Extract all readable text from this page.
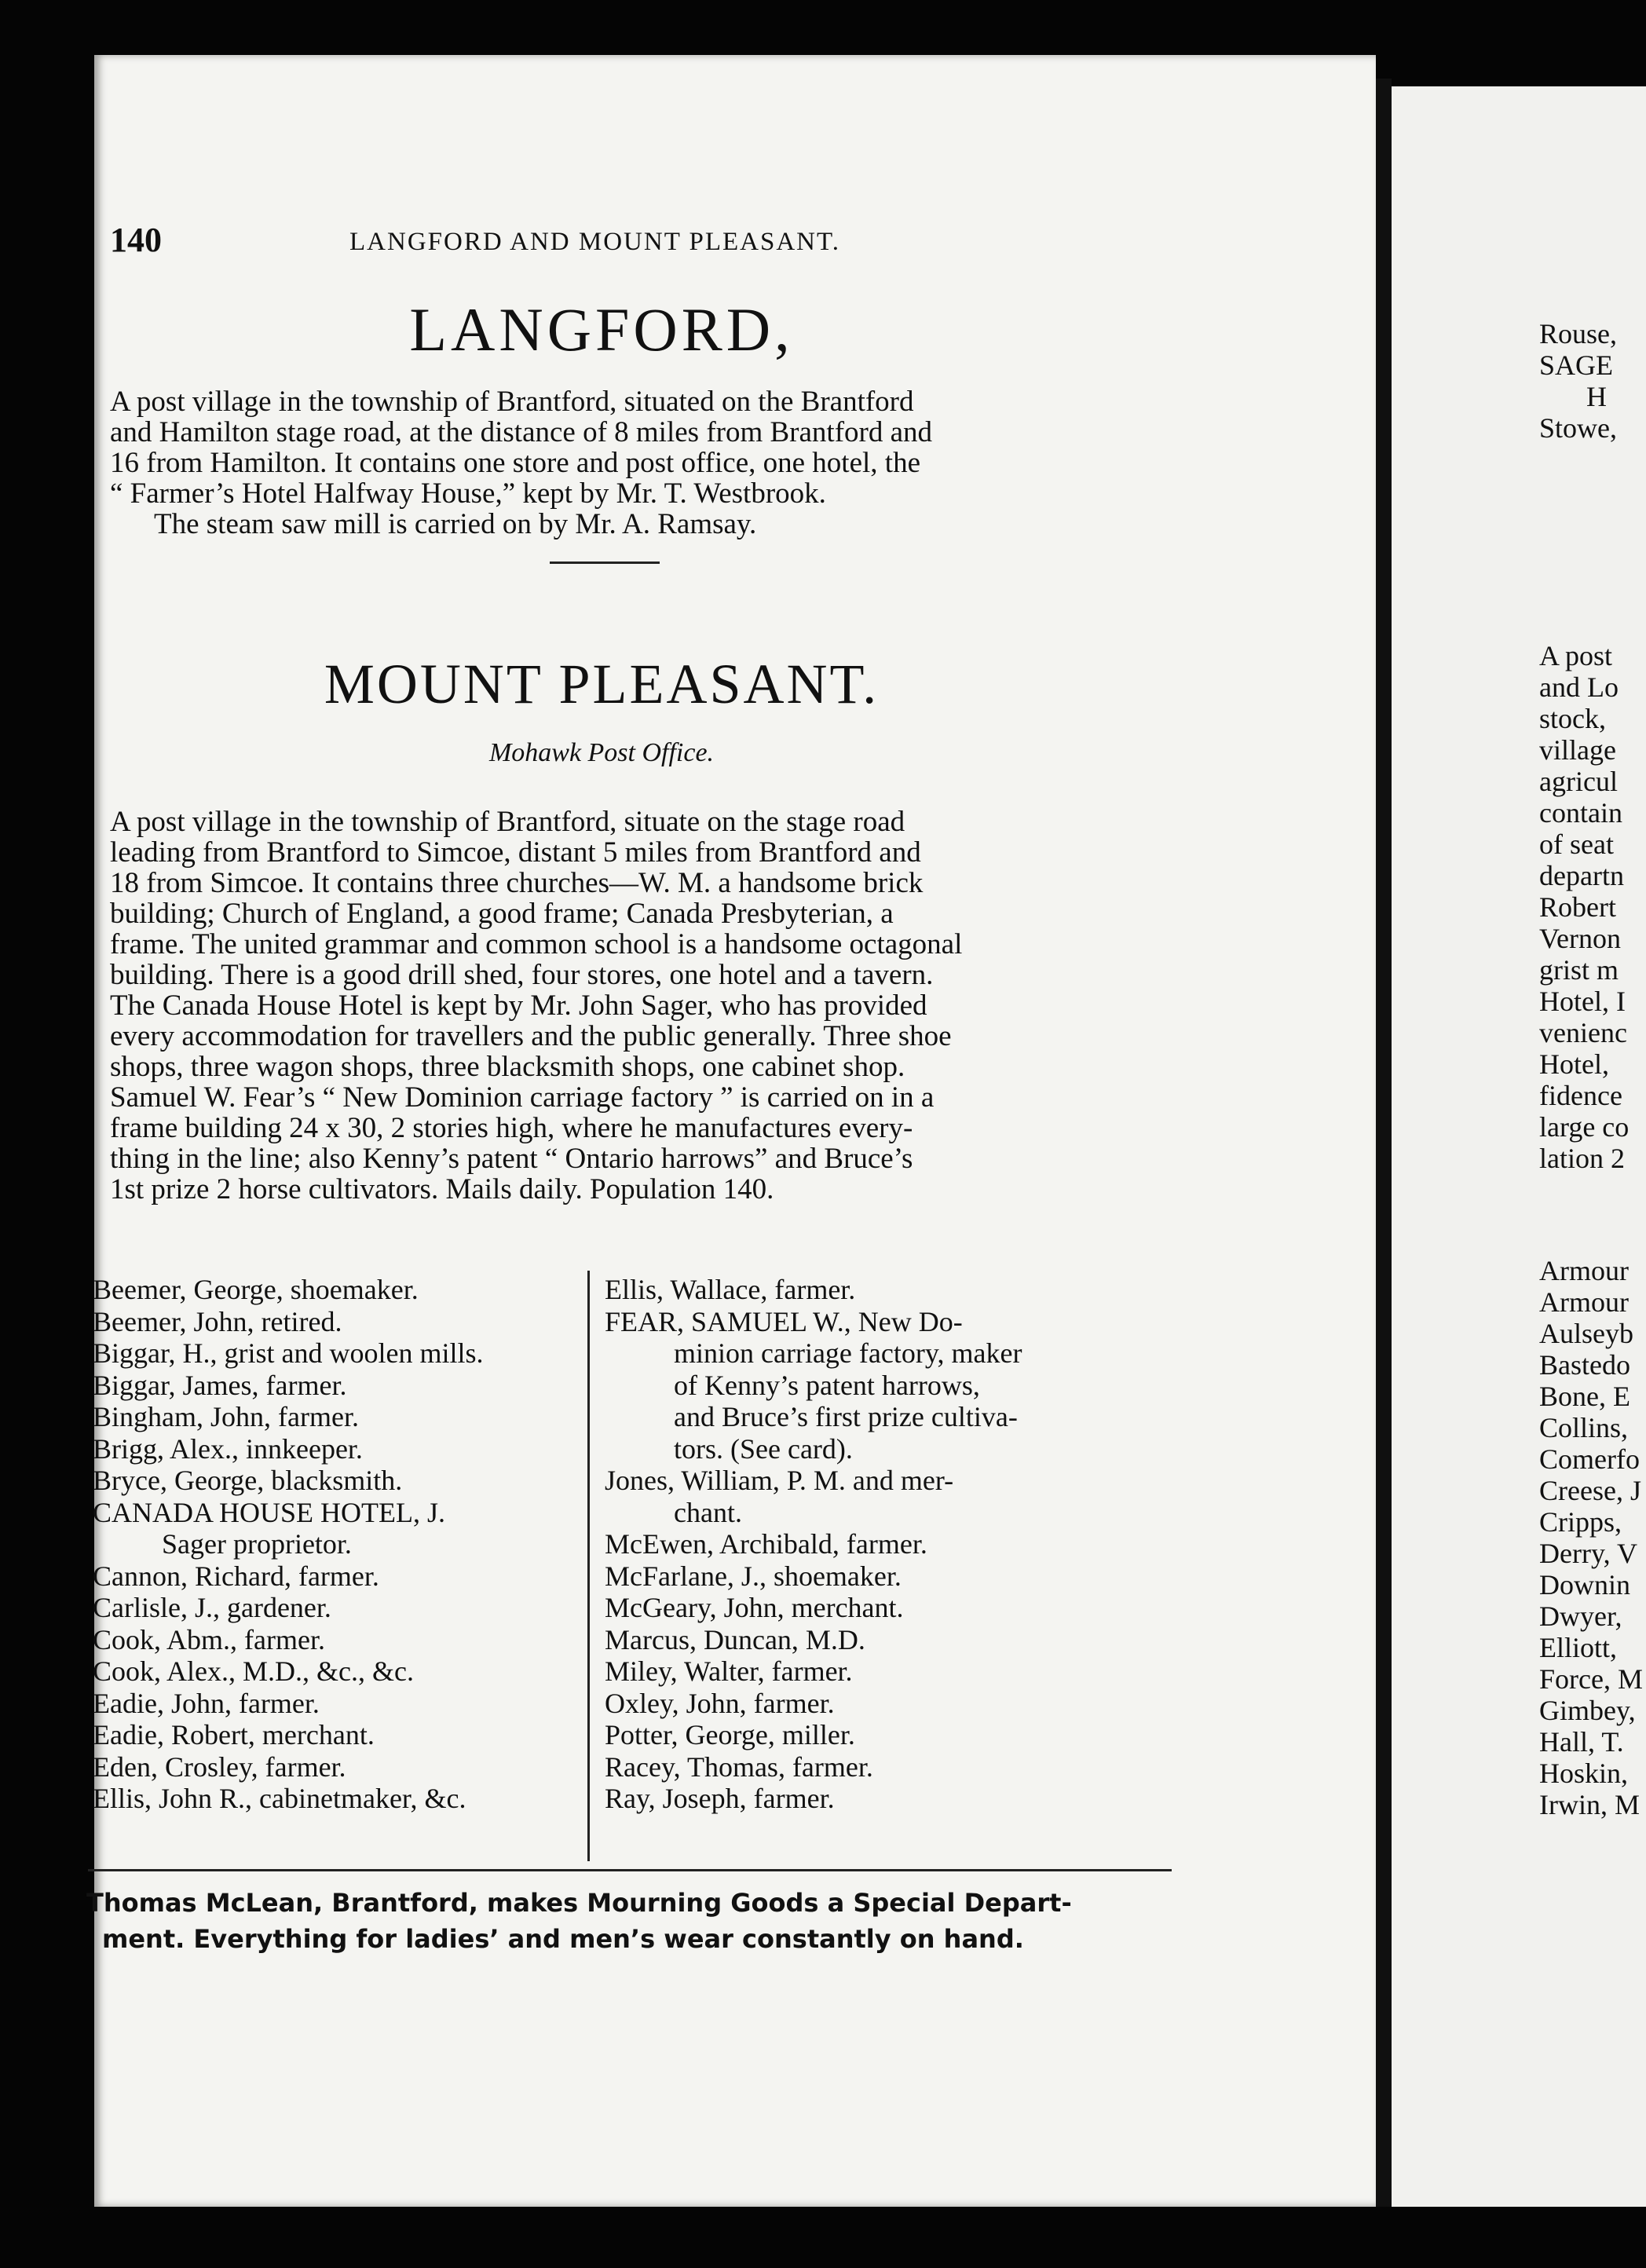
140	LANGFORD AND MOUNT PLEASANT.
LANGFORD,
A post village in the township of Brantford, situated on the Brantford
and Hamilton stage road, at the distance of 8 miles from Brantford and
16 from Hamilton. It contains one store and post office, one hotel, the
“ Farmer’s Hotel Halfway House,” kept by Mr. T. Westbrook.
The steam saw mill is carried on by Mr. A. Ramsay.
MOUNT PLEASANT.
Mohawk Post Office.
A post village in the township of Brantford, situate on the stage road
leading from Brantford to Simcoe, distant 5 miles from Brantford and
18 from Simcoe. It contains three churches—W. M. a handsome brick
building; Church of England, a good frame; Canada Presbyterian, a
frame. The united grammar and common school is a handsome octagonal
building. There is a good drill shed, four stores, one hotel and a tavern.
The Canada House Hotel is kept by Mr. John Sager, who has provided
every accommodation for travellers and the public generally. Three shoe
shops, three wagon shops, three blacksmith shops, one cabinet shop.
Samuel W. Fear’s “ New Dominion carriage factory ” is carried on in a
frame building 24 x 30, 2 stories high, where he manufactures every-
thing in the line; also Kenny’s patent “ Ontario harrows” and Bruce’s
1st prize 2 horse cultivators. Mails daily. Population 140.
Beemer, George, shoemaker.
Beemer, John, retired.
Biggar, H., grist and woolen mills.
Biggar, James, farmer.
Bingham, John, farmer.
Brigg, Alex., innkeeper.
Bryce, George, blacksmith.
CANADA HOUSE HOTEL, J.
Sager proprietor.
Cannon, Richard, farmer.
Carlisle, J., gardener.
Cook, Abm., farmer.
Cook, Alex., M.D., &c., &c.
Eadie, John, farmer.
Eadie, Robert, merchant.
Eden, Crosley, farmer.
Ellis, John R., cabinetmaker, &c.
Ellis, Wallace, farmer.
FEAR, SAMUEL W., New Do-
minion carriage factory, maker
of Kenny’s patent harrows,
and Bruce’s first prize cultiva-
tors. (See card).
Jones, William, P. M. and mer-
chant.
McEwen, Archibald, farmer.
McFarlane, J., shoemaker.
McGeary, John, merchant.
Marcus, Duncan, M.D.
Miley, Walter, farmer.
Oxley, John, farmer.
Potter, George, miller.
Racey, Thomas, farmer.
Ray, Joseph, farmer.
Thomas McLean, Brantford, makes Mourning Goods a Special Depart-
ment. Everything for ladies’ and men’s wear constantly on hand.
Rouse,
SAGE
H
Stowe,
A post
and Lo
stock,
village
agricul
contain
of seat
departn
Robert
Vernon
grist m
Hotel, I
venienc
Hotel,
fidence
large co
lation 2
Armour
Armour
Aulseyb
Bastedo
Bone, E
Collins,
Comerfo
Creese, J
Cripps,
Derry, V
Downin
Dwyer,
Elliott,
Force, M
Gimbey,
Hall, T.
Hoskin,
Irwin, M
